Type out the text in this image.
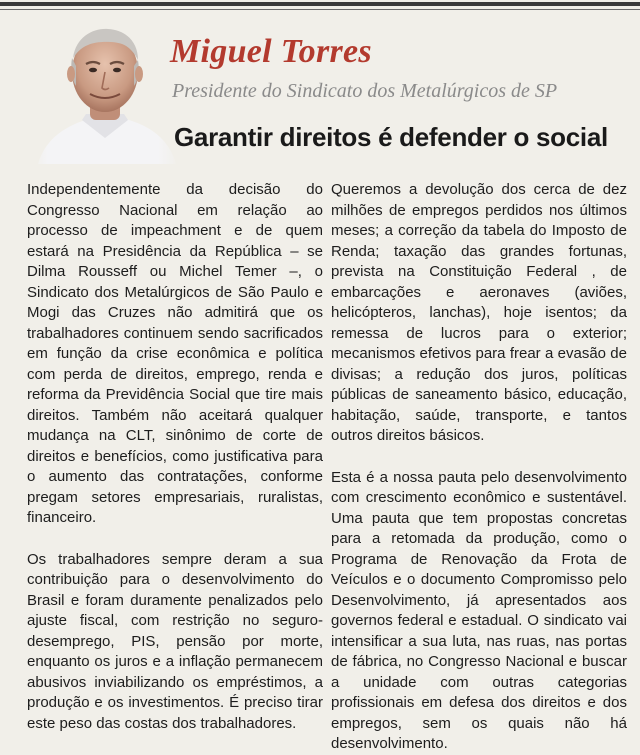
Miguel Torres
Presidente do Sindicato dos Metalúrgicos de SP
Garantir direitos é defender o social

Independentemente da decisão do Congresso Nacional em relação ao processo de impeachment e de quem estará na Presidência da República – se Dilma Rousseff ou Michel Temer –, o Sindicato dos Metalúrgicos de São Paulo e Mogi das Cruzes não admitirá que os trabalhadores continuem sendo sacrificados em função da crise econômica e política com perda de direitos, emprego, renda e reforma da Previdência Social que tire mais direitos. Também não aceitará qualquer mudança na CLT, sinônimo de corte de direitos e benefícios, como justificativa para o aumento das contratações, conforme pregam setores empresariais, ruralistas, financeiro.

Os trabalhadores sempre deram a sua contribuição para o desenvolvimento do Brasil e foram duramente penalizados pelo ajuste fiscal, com restrição no seguro-desemprego, PIS, pensão por morte, enquanto os juros e a inflação permanecem abusivos inviabilizando os empréstimos, a produção e os investimentos. É preciso tirar este peso das costas dos trabalhadores.

Queremos a devolução dos cerca de dez milhões de empregos perdidos nos últimos meses; a correção da tabela do Imposto de Renda; taxação das grandes fortunas, prevista na Constituição Federal , de embarcações e aeronaves (aviões, helicópteros, lanchas), hoje isentos; da remessa de lucros para o exterior; mecanismos efetivos para frear a evasão de divisas; a redução dos juros, políticas públicas de saneamento básico, educação, habitação, saúde, transporte, e tantos outros direitos básicos.

Esta é a nossa pauta pelo desenvolvimento com crescimento econômico e sustentável. Uma pauta que tem propostas concretas para a retomada da produção, como o Programa de Renovação da Frota de Veículos e o documento Compromisso pelo Desenvolvimento, já apresentados aos governos federal e estadual. O sindicato vai intensificar a sua luta, nas ruas, nas portas de fábrica, no Congresso Nacional e buscar a unidade com outras categorias profissionais em defesa dos direitos e dos empregos, sem os quais não há desenvolvimento.
